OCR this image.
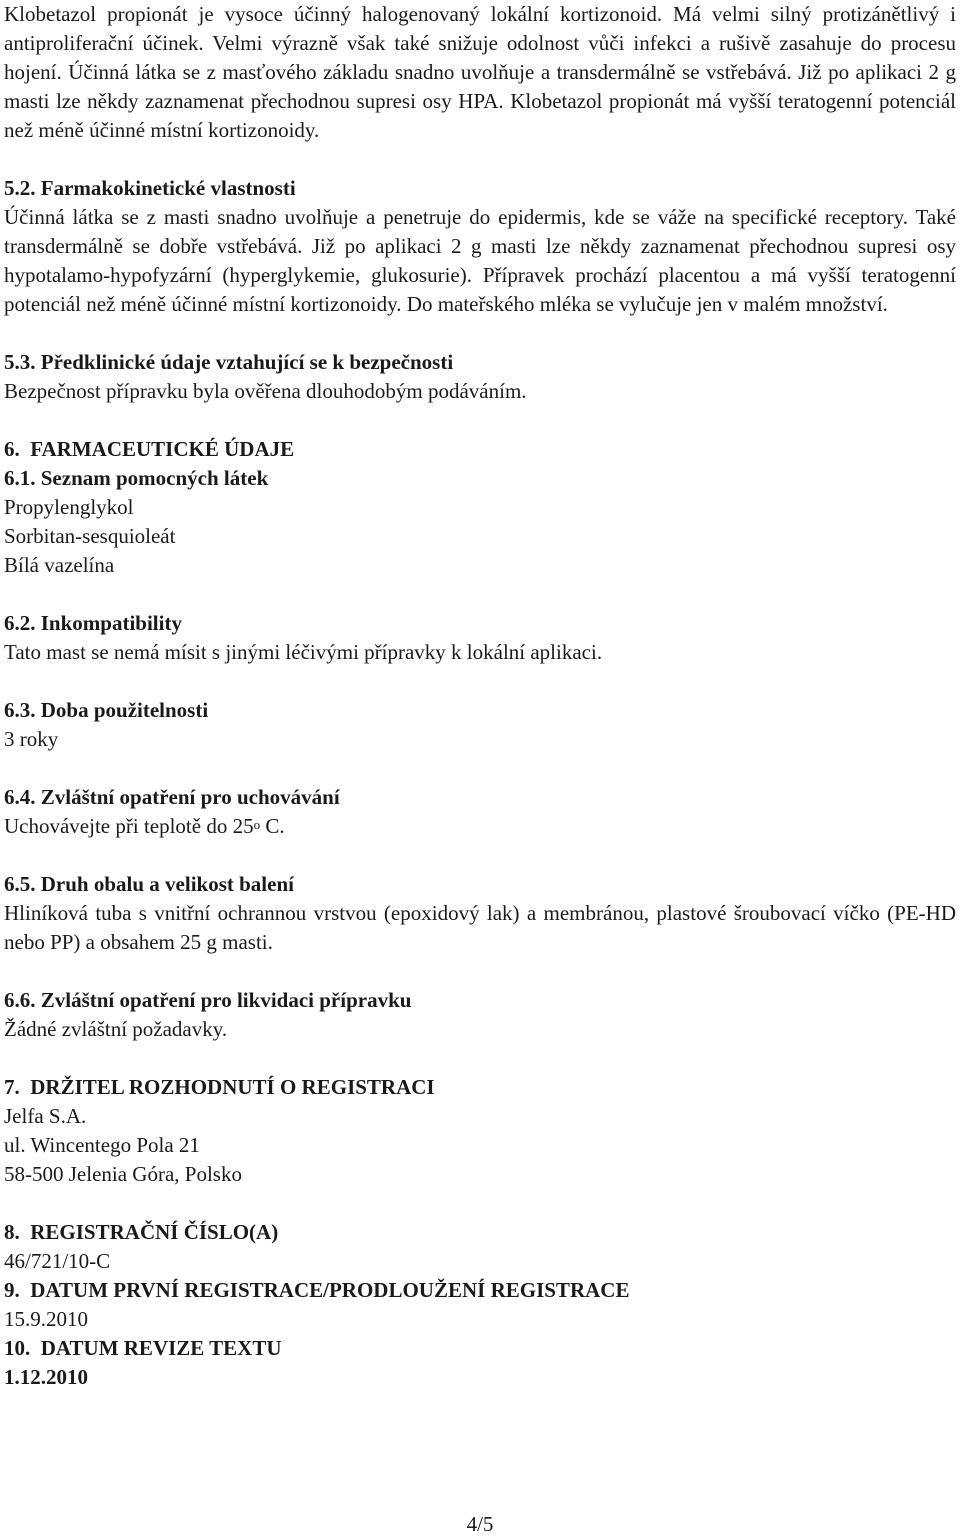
Klobetazol propionát je vysoce účinný halogenovaný lokální kortizonoid. Má velmi silný protizánětlivý i antiproliferační účinek. Velmi výrazně však také snižuje odolnost vůči infekci a rušivě zasahuje do procesu hojení. Účinná látka se z masťového základu snadno uvolňuje a transdermálně se vstřebává. Již po aplikaci 2 g masti lze někdy zaznamenat přechodnou supresi osy HPA. Klobetazol propionát má vyšší teratogenní potenciál než méně účinné místní kortizonoidy.

5.2. Farmakokinetické vlastnosti

Účinná látka se z masti snadno uvolňuje a penetruje do epidermis, kde se váže na specifické receptory. Také transdermálně se dobře vstřebává. Již po aplikaci 2 g masti lze někdy zaznamenat přechodnou supresi osy hypotalamo-hypofyzární (hyperglykemie, glukosurie). Přípravek prochází placentou a má vyšší teratogenní potenciál než méně účinné místní kortizonoidy. Do mateřského mléka se vylučuje jen v malém množství.

5.3. Předklinické údaje vztahující se k bezpečnosti

Bezpečnost přípravku byla ověřena dlouhodobým podáváním.

6.  FARMACEUTICKÉ ÚDAJE

6.1. Seznam pomocných látek

Propylenglykol

Sorbitan-sesquioleát

Bílá vazelína

6.2. Inkompatibility

Tato mast se nemá mísit s jinými léčivými přípravky k lokální aplikaci.

6.3. Doba použitelnosti

3 roky

6.4. Zvláštní opatření pro uchovávání

Uchovávejte při teplotě do 25$^o$ C.

6.5. Druh obalu a velikost balení

Hliníková tuba s vnitřní ochrannou vrstvou (epoxidový lak) a membránou, plastové šroubovací víčko (PE-HD nebo PP) a obsahem 25 g masti.

6.6. Zvláštní opatření pro likvidaci přípravku

Žádné zvláštní požadavky.

7.  DRŽITEL ROZHODNUTÍ O REGISTRACI

Jelfa S.A.

ul. Wincentego Pola 21

58-500 Jelenia Góra, Polsko

8.  REGISTRAČNÍ ČÍSLO(A)

46/721/10-C

9.  DATUM PRVNÍ REGISTRACE/PRODLOUŽENÍ REGISTRACE

15.9.2010

10.  DATUM REVIZE TEXTU

1.12.2010

4/5
